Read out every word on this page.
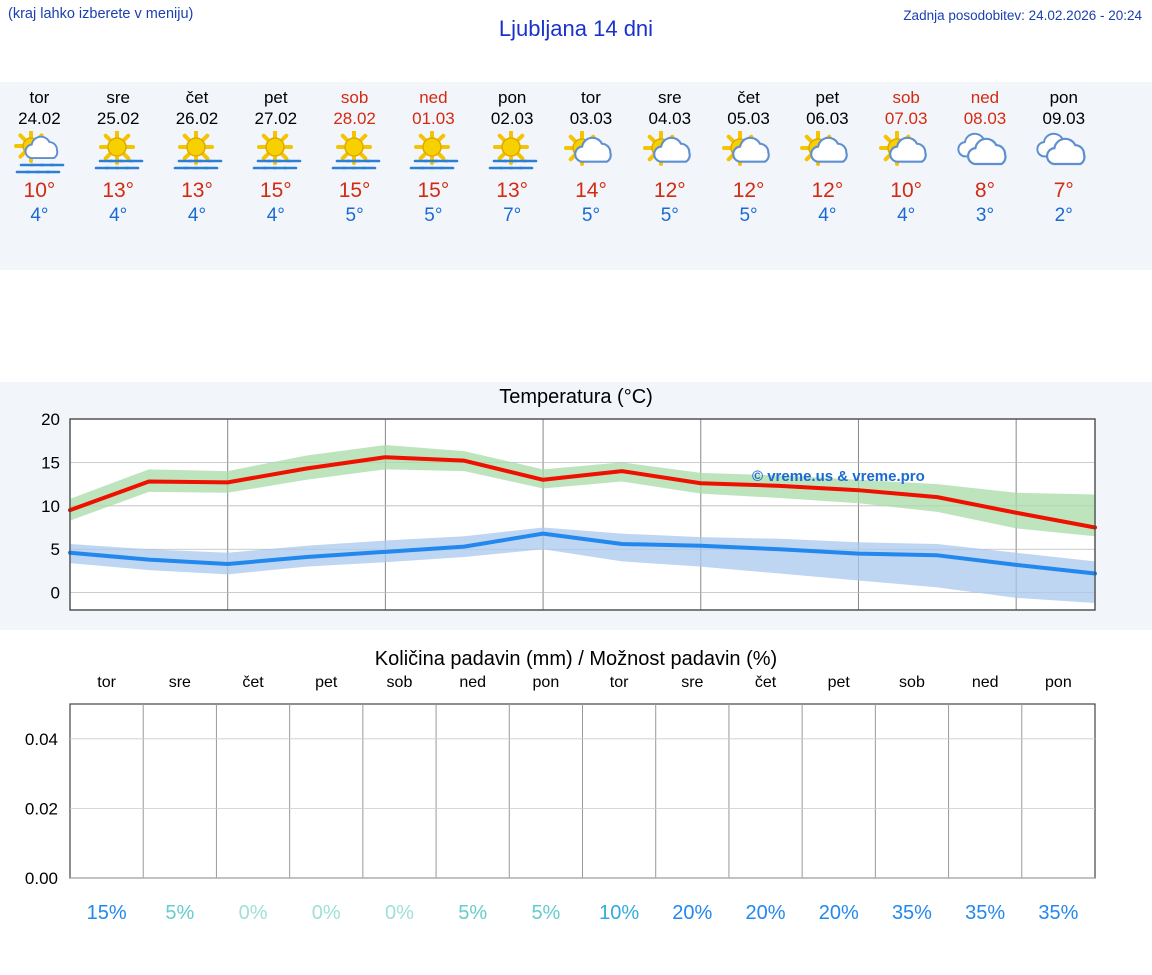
(kraj lahko izberete v meniju)
Ljubljana 14 dni
Zadnja posodobitev: 24.02.2026 - 20:24
tor
24.02
10°
4°
sre
25.02
13°
4°
čet
26.02
13°
4°
pet
27.02
15°
4°
sob
28.02
15°
5°
ned
01.03
15°
5°
pon
02.03
13°
7°
tor
03.03
14°
5°
sre
04.03
12°
5°
čet
05.03
12°
5°
pet
06.03
12°
4°
sob
07.03
10°
4°
ned
08.03
8°
3°
pon
09.03
7°
2°
Temperatura (°C)
0
5
10
15
20
© vreme.us & vreme.pro
Količina padavin (mm) / Možnost padavin (%)
tor	sre	čet	pet	sob	ned	pon	tor	sre	čet	pet	sob	ned	pon
0.00
0.02
0.04
15%	5%	0%	0%	0%	5%	5%	10%	20%	20%	20%	35%	35%	35%
